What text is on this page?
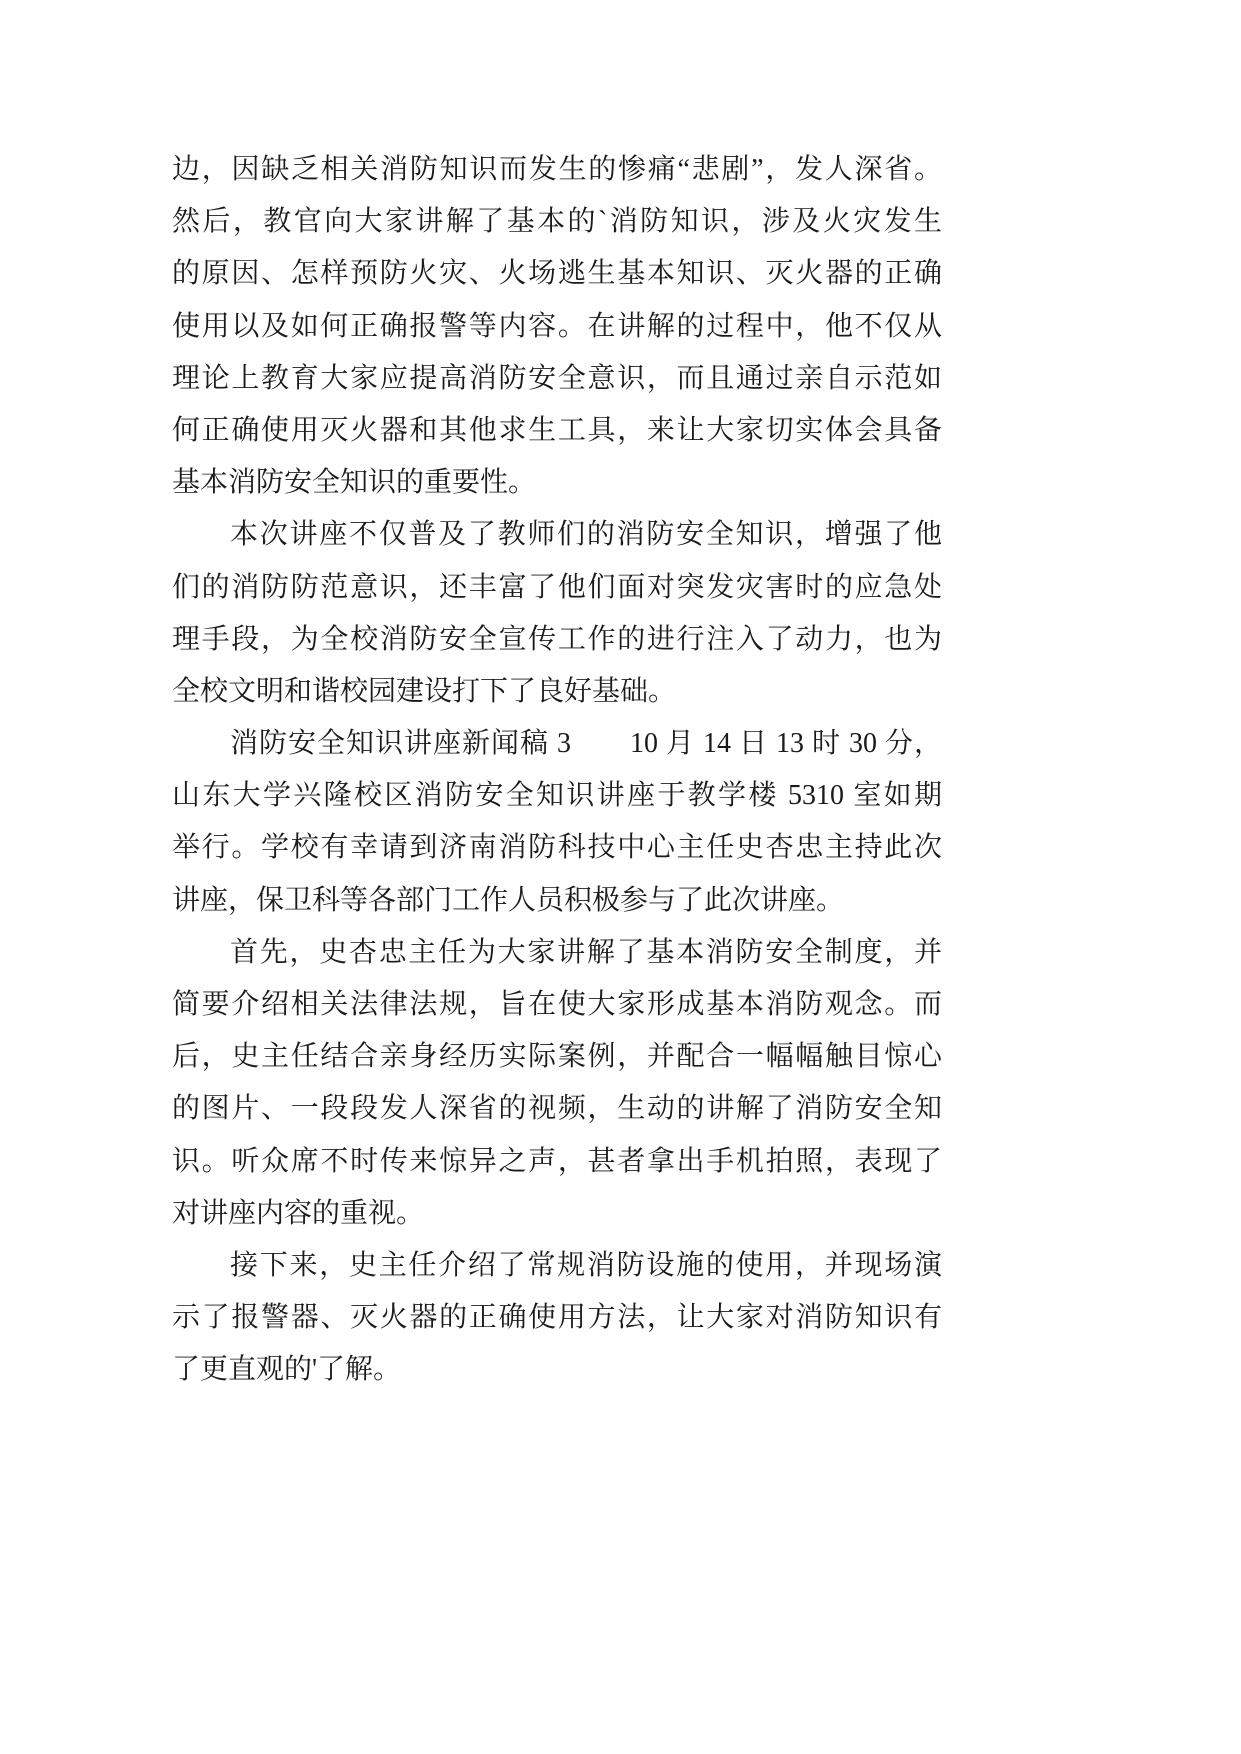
边，因缺乏相关消防知识而发生的惨痛“悲剧”，发人深省。
然后，教官向大家讲解了基本的`消防知识，涉及火灾发生
的原因、怎样预防火灾、火场逃生基本知识、灭火器的正确
使用以及如何正确报警等内容。在讲解的过程中，他不仅从
理论上教育大家应提高消防安全意识，而且通过亲自示范如
何正确使用灭火器和其他求生工具，来让大家切实体会具备
基本消防安全知识的重要性。
本次讲座不仅普及了教师们的消防安全知识，增强了他
们的消防防范意识，还丰富了他们面对突发灾害时的应急处
理手段，为全校消防安全宣传工作的进行注入了动力，也为
全校文明和谐校园建设打下了良好基础。
消防安全知识讲座新闻稿 3　　10 月 14 日 13 时 30 分，
山东大学兴隆校区消防安全知识讲座于教学楼 5310 室如期
举行。学校有幸请到济南消防科技中心主任史杏忠主持此次
讲座，保卫科等各部门工作人员积极参与了此次讲座。
首先，史杏忠主任为大家讲解了基本消防安全制度，并
简要介绍相关法律法规，旨在使大家形成基本消防观念。而
后，史主任结合亲身经历实际案例，并配合一幅幅触目惊心
的图片、一段段发人深省的视频，生动的讲解了消防安全知
识。听众席不时传来惊异之声，甚者拿出手机拍照，表现了
对讲座内容的重视。
接下来，史主任介绍了常规消防设施的使用，并现场演
示了报警器、灭火器的正确使用方法，让大家对消防知识有
了更直观的'了解。
